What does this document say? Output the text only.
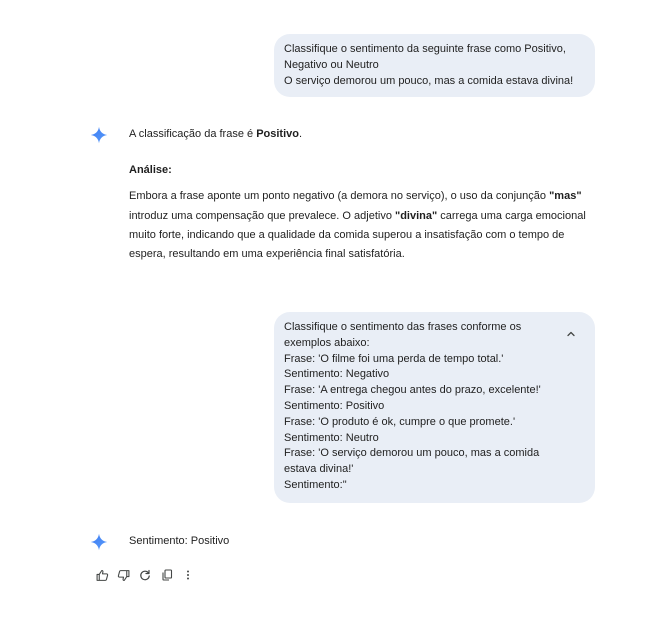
Classifique o sentimento da seguinte frase como Positivo,
Negativo ou Neutro
O serviço demorou um pouco, mas a comida estava divina!

A classificação da frase é Positivo.

Análise:

Embora a frase aponte um ponto negativo (a demora no serviço), o uso da conjunção "mas" introduz uma compensação que prevalece. O adjetivo "divina" carrega uma carga emocional muito forte, indicando que a qualidade da comida superou a insatisfação com o tempo de espera, resultando em uma experiência final satisfatória.

Classifique o sentimento das frases conforme os
exemplos abaixo:
Frase: 'O filme foi uma perda de tempo total.'
Sentimento: Negativo
Frase: 'A entrega chegou antes do prazo, excelente!'
Sentimento: Positivo
Frase: 'O produto é ok, cumpre o que promete.'
Sentimento: Neutro
Frase: 'O serviço demorou um pouco, mas a comida
estava divina!'
Sentimento:"

Sentimento: Positivo
